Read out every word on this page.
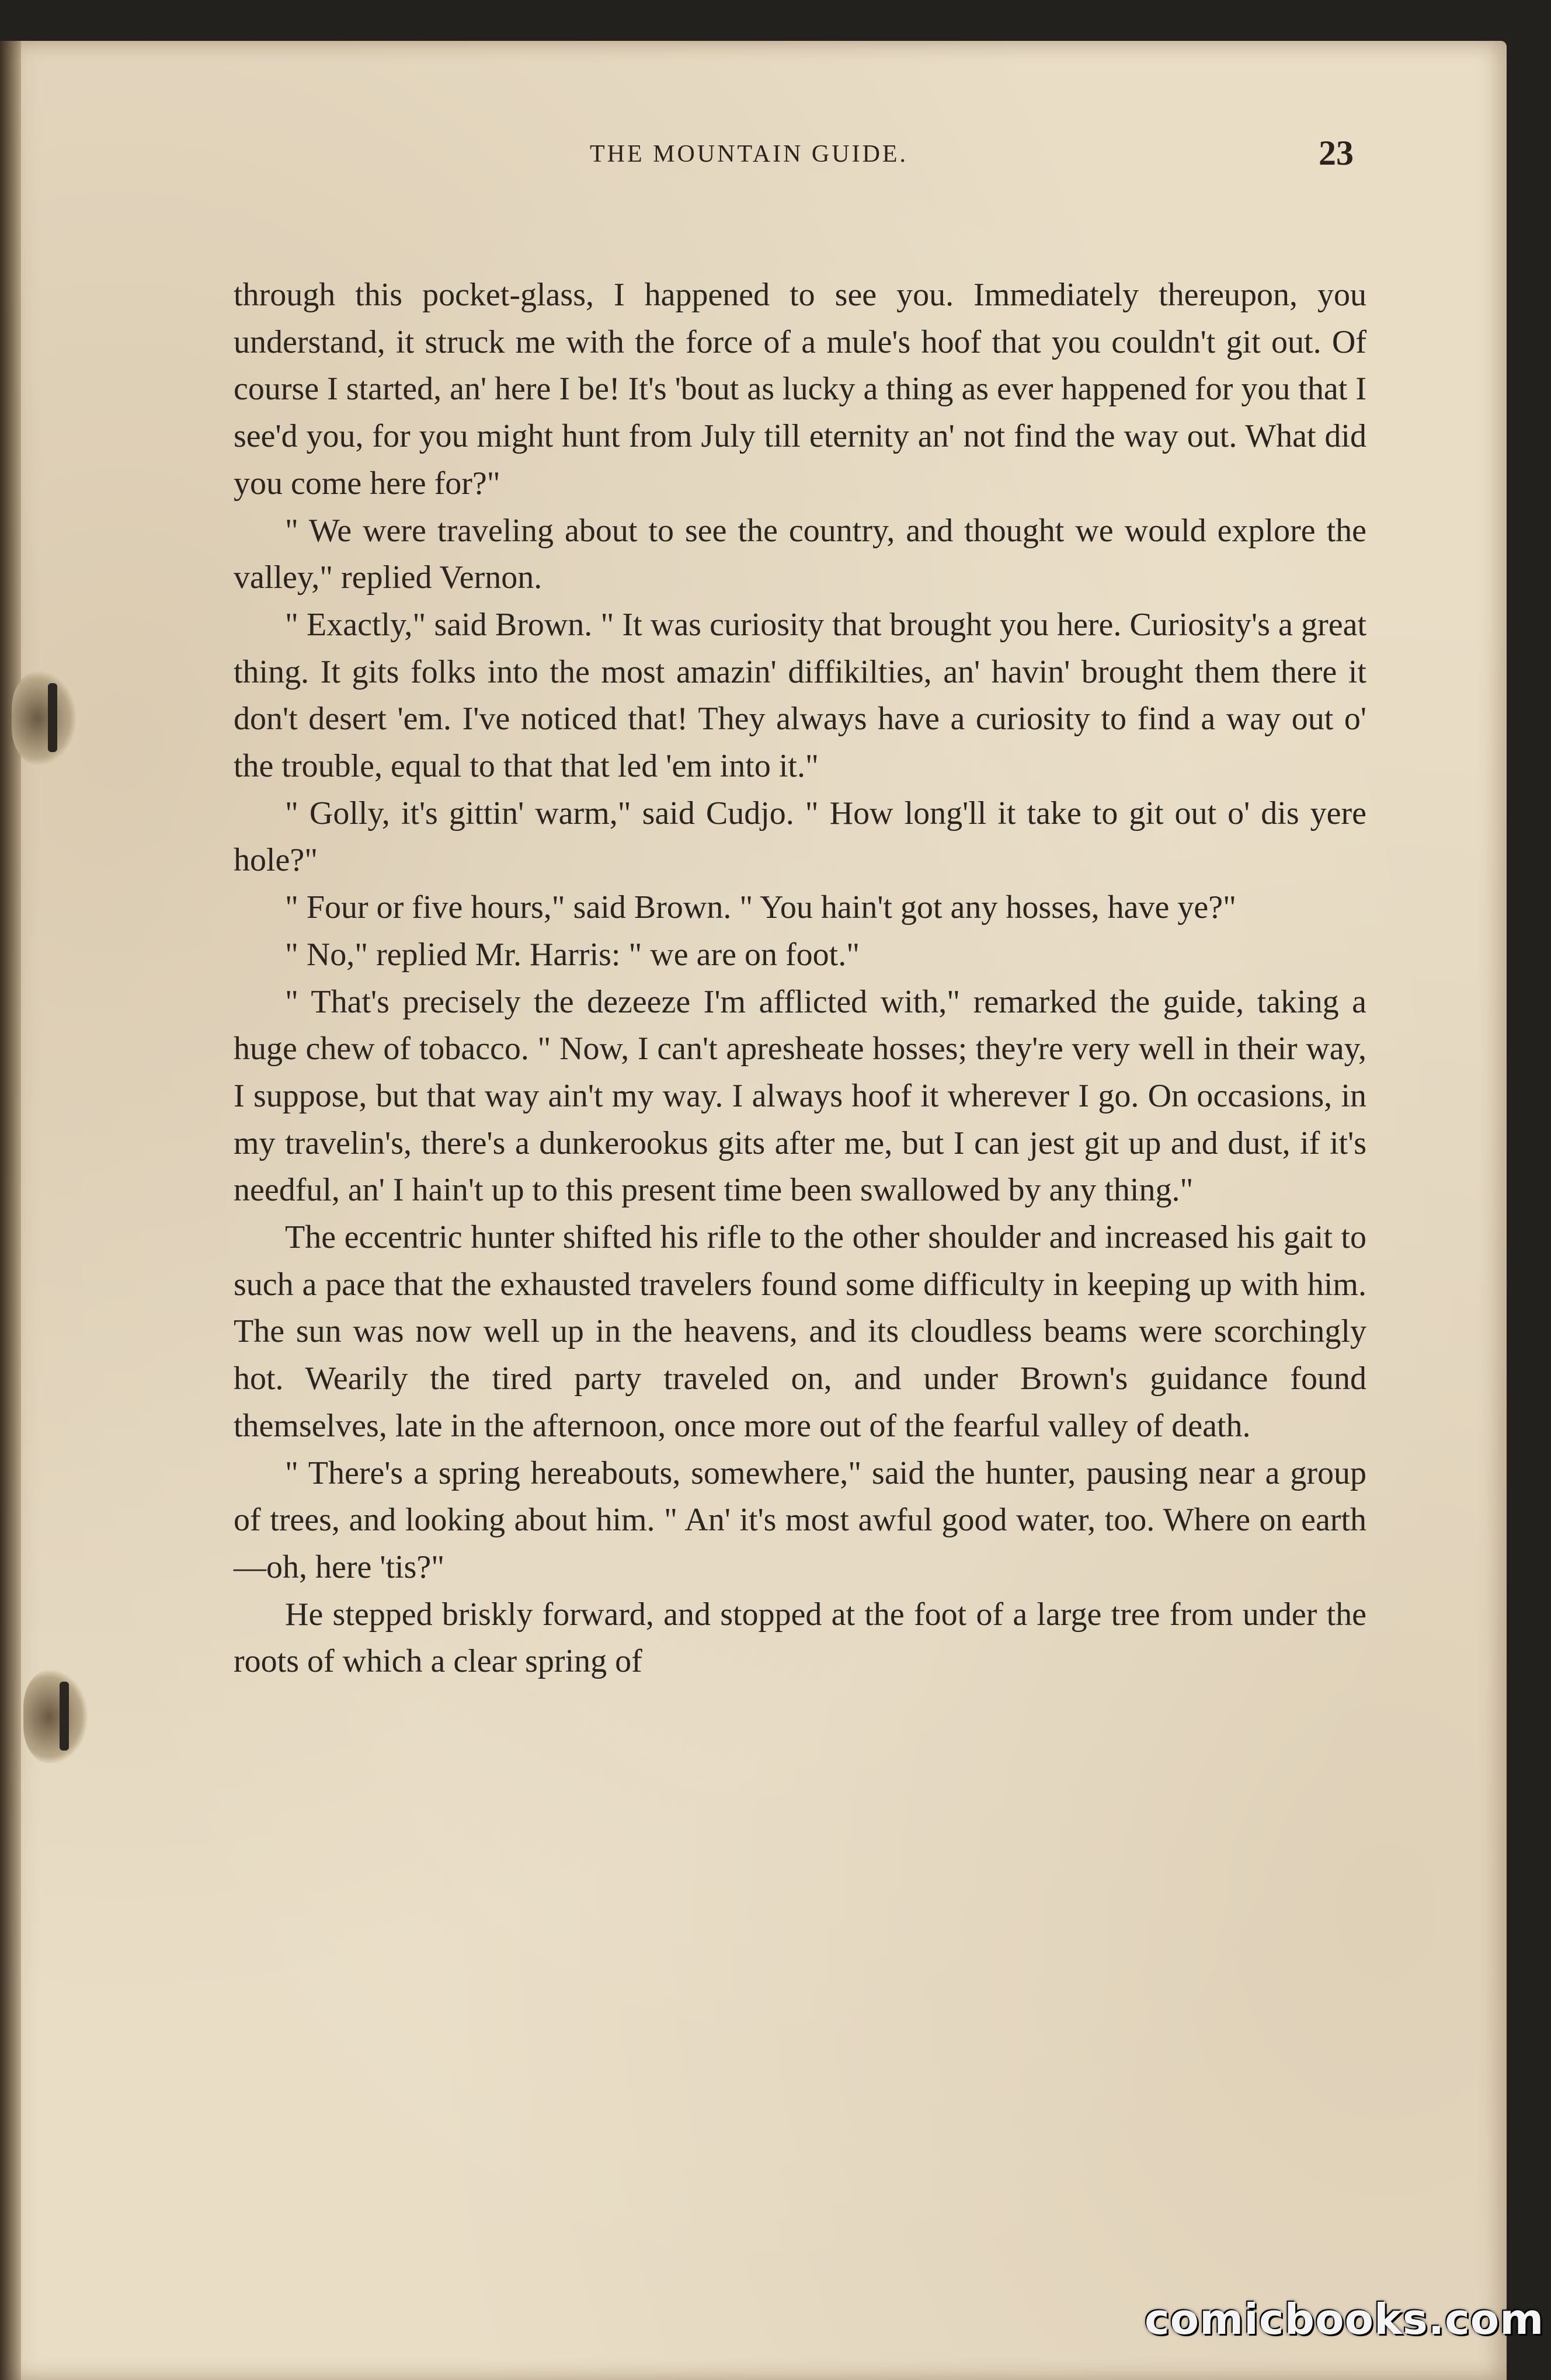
THE MOUNTAIN GUIDE.	23

through this pocket-glass, I happened to see you. Immediately thereupon, you understand, it struck me with the force of a mule's hoof that you couldn't git out. Of course I started, an' here I be! It's 'bout as lucky a thing as ever happened for you that I see'd you, for you might hunt from July till eternity an' not find the way out. What did you come here for?"

" We were traveling about to see the country, and thought we would explore the valley," replied Vernon.

" Exactly," said Brown. " It was curiosity that brought you here. Curiosity's a great thing. It gits folks into the most amazin' diffikilties, an' havin' brought them there it don't desert 'em. I've noticed that! They always have a curiosity to find a way out o' the trouble, equal to that that led 'em into it."

" Golly, it's gittin' warm," said Cudjo. " How long'll it take to git out o' dis yere hole?"

" Four or five hours," said Brown. " You hain't got any hosses, have ye?"

" No," replied Mr. Harris: " we are on foot."

" That's precisely the dezeeze I'm afflicted with," remarked the guide, taking a huge chew of tobacco. " Now, I can't apresheate hosses; they're very well in their way, I suppose, but that way ain't my way. I always hoof it wherever I go. On occasions, in my travelin's, there's a dunkerookus gits after me, but I can jest git up and dust, if it's needful, an' I hain't up to this present time been swallowed by any thing."

The eccentric hunter shifted his rifle to the other shoulder and increased his gait to such a pace that the exhausted travelers found some difficulty in keeping up with him. The sun was now well up in the heavens, and its cloudless beams were scorchingly hot. Wearily the tired party traveled on, and under Brown's guidance found themselves, late in the afternoon, once more out of the fearful valley of death.

" There's a spring hereabouts, somewhere," said the hunter, pausing near a group of trees, and looking about him. " An' it's most awful good water, too. Where on earth—oh, here 'tis?"

He stepped briskly forward, and stopped at the foot of a large tree from under the roots of which a clear spring of

comicbooks.com
